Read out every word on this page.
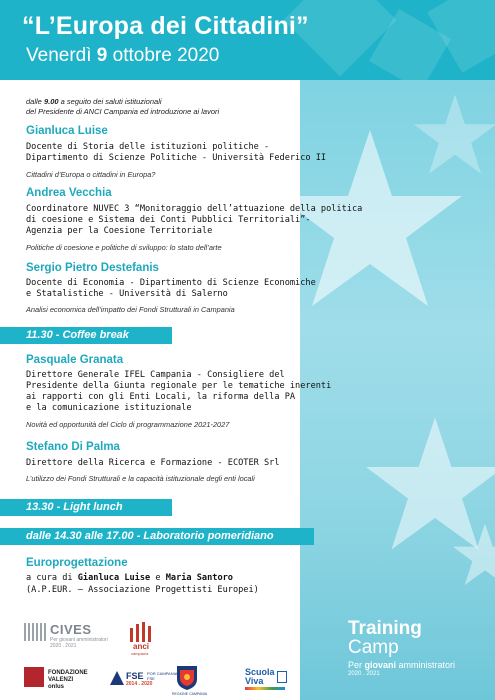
“L’Europa dei Cittadini”
Venerdì 9 ottobre 2020
dalle 9.00 a seguito dei saluti istituzionali
del Presidente di ANCI Campania ed introduzione ai lavori
Gianluca Luise
Docente di Storia delle istituzioni politiche -
Dipartimento di Scienze Politiche - Università Federico II
Cittadini d’Europa o cittadini in Europa?
Andrea Vecchia
Coordinatore NUVEC 3 “Monitoraggio dell’attuazione della politica
di coesione e Sistema dei Conti Pubblici Territoriali”-
Agenzia per la Coesione Territoriale
Politiche di coesione e politiche di sviluppo: lo stato dell’arte
Sergio Pietro Destefanis
Docente di Economia - Dipartimento di Scienze Economiche
e Statalistiche - Università di Salerno
Analisi economica dell’impatto dei Fondi Strutturali in Campania
11.30 - Coffee break
Pasquale Granata
Direttore Generale IFEL Campania - Consigliere del
Presidente della Giunta regionale per le tematiche inerenti
ai rapporti con gli Enti Locali, la riforma della PA
e la comunicazione istituzionale
Novità ed opportunità del Ciclo di programmazione 2021-2027
Stefano Di Palma
Direttore della Ricerca e Formazione - ECOTER Srl
L’utilizzo dei Fondi Strutturali e la capacità istituzionale degli enti locali
13.30 - Light lunch
dalle 14.30 alle 17.00 - Laboratorio pomeridiano
Europrogettazione
a cura di Gianluca Luise e Maria Santoro
(A.P.EUR. – Associazione Progettisti Europei)
CIVES
Per giovani amministratori
2020 . 2021	anci
campania
FONDAZIONE
VALENZI
onlus
FSE
2014 . 2020
POR CAMPANIA
FSE
REGIONE CAMPANIA
Scuola
Viva
Training
Camp
Per giovani amministratori
2020 . 2021
